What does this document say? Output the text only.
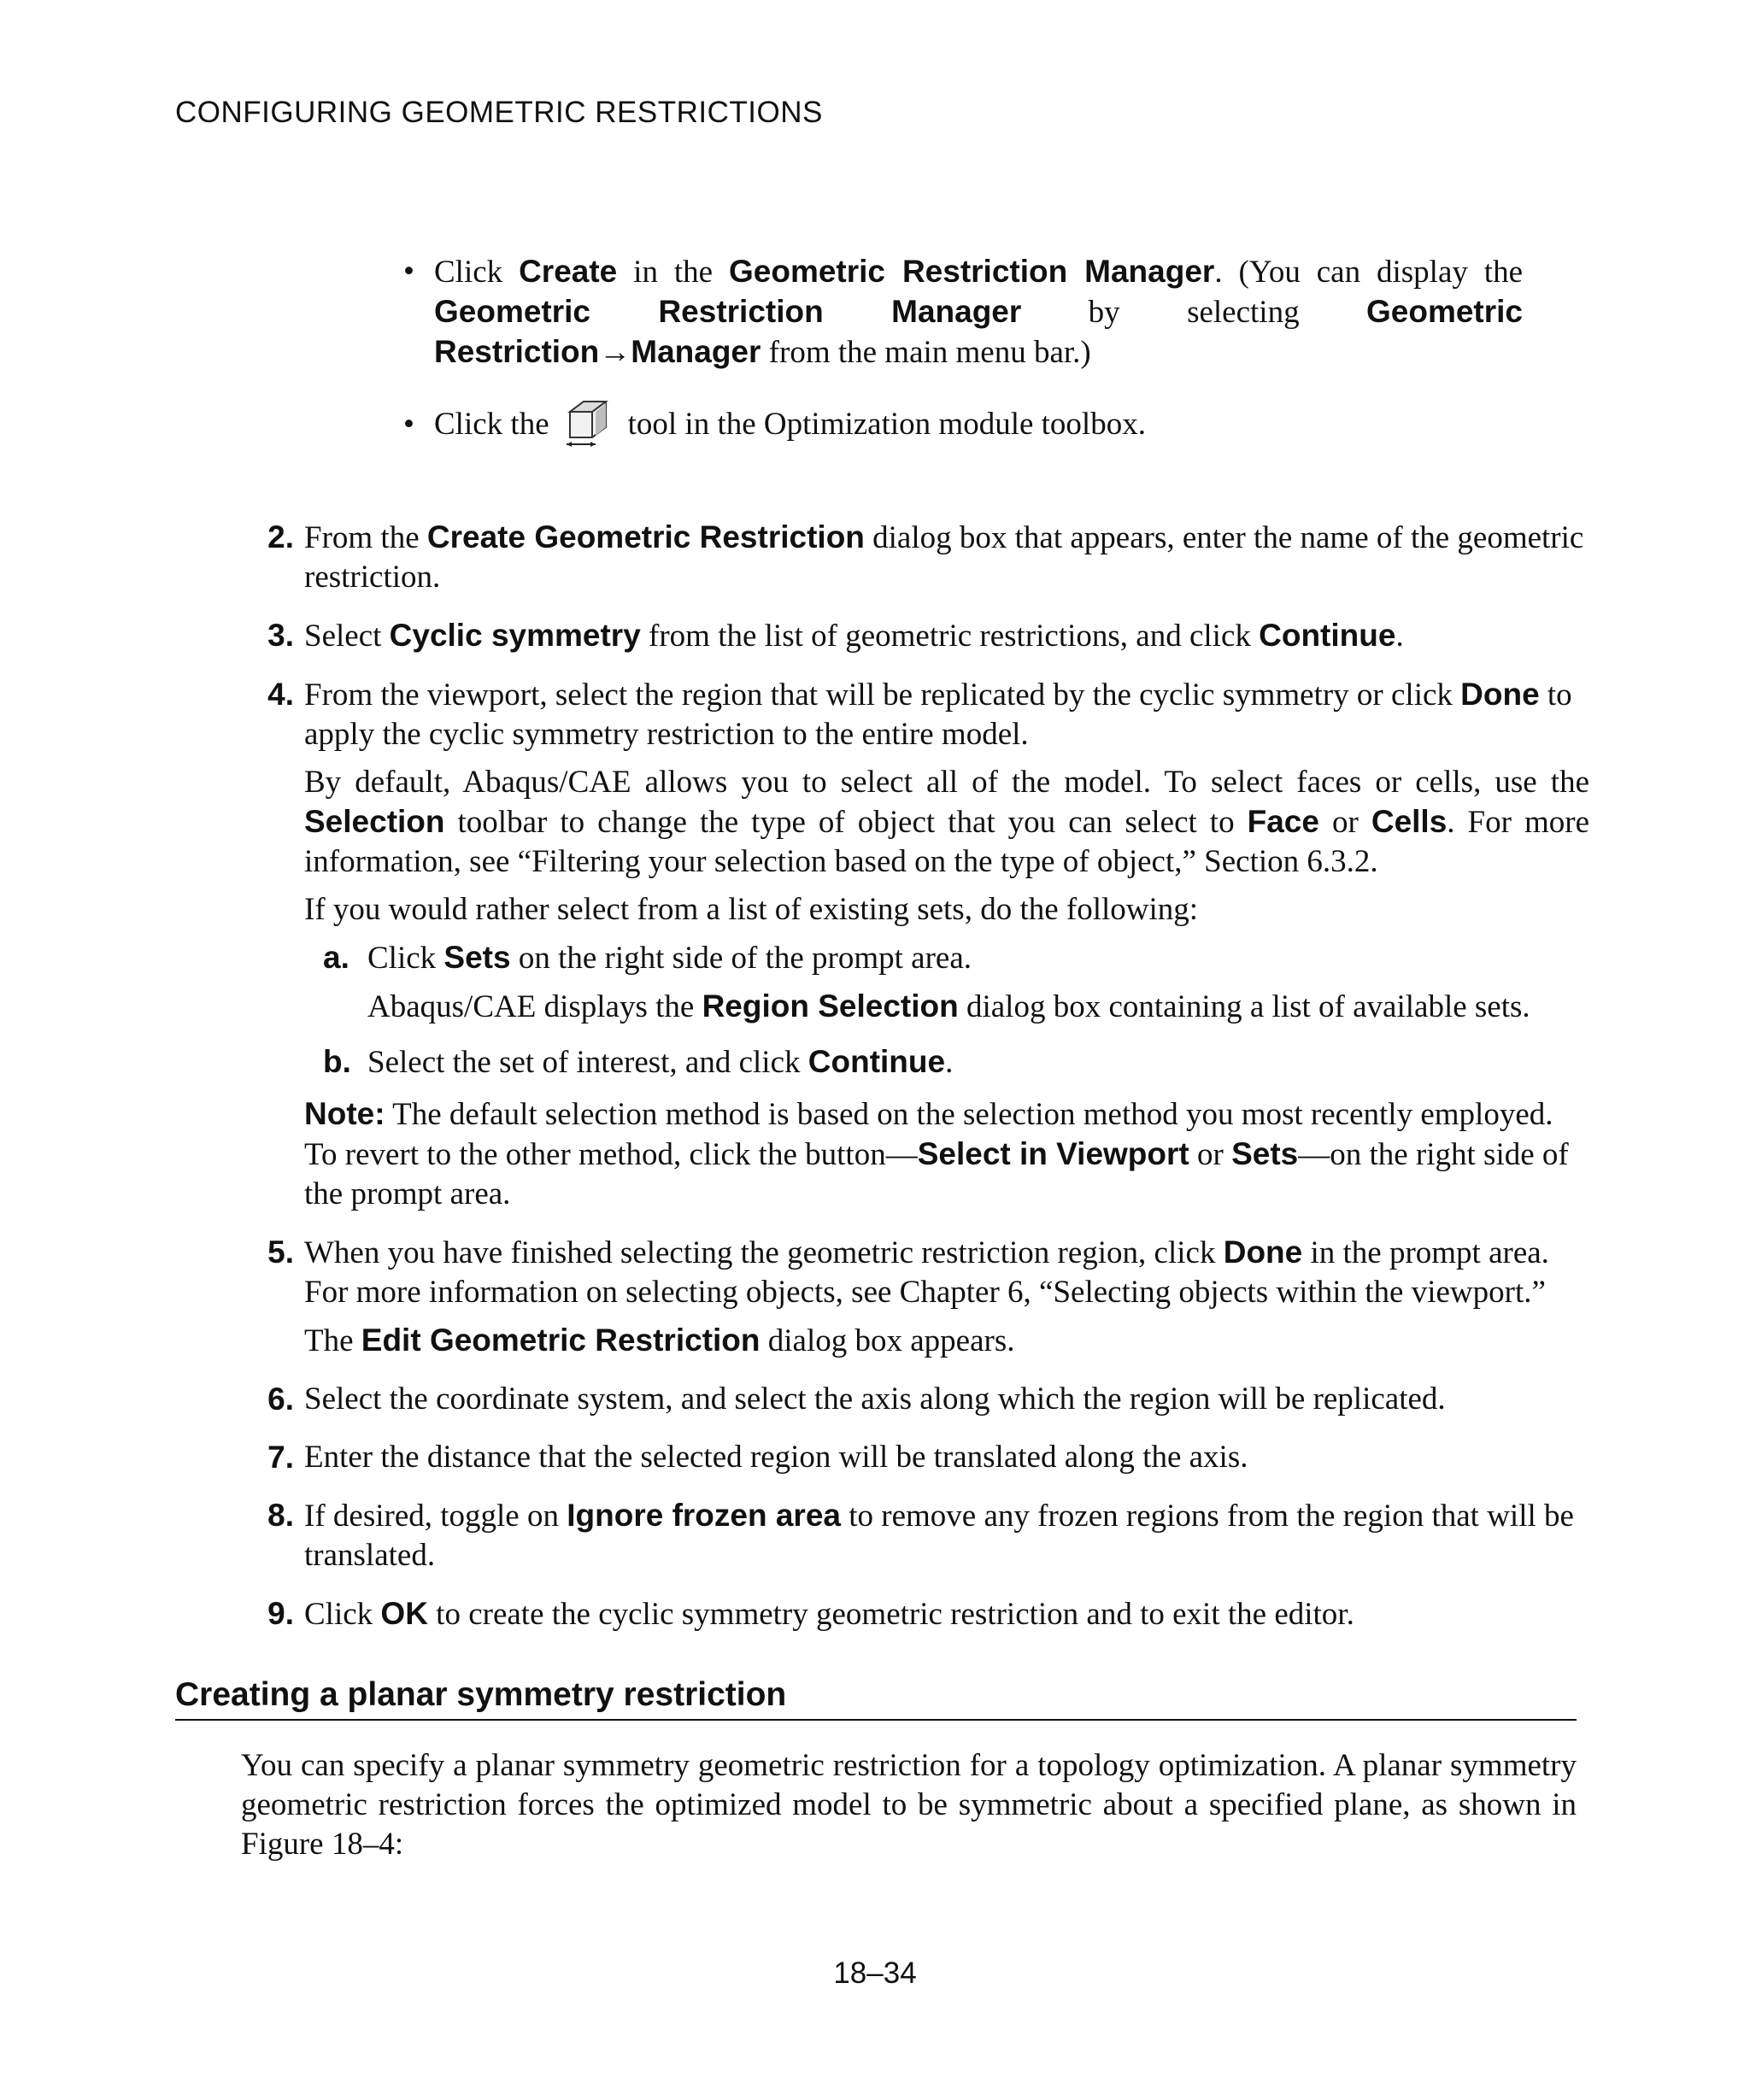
CONFIGURING GEOMETRIC RESTRICTIONS
• Click Create in the Geometric Restriction Manager. (You can display the Geometric Restriction Manager by selecting Geometric Restriction→Manager from the main menu bar.)

• Click the tool in the Optimization module toolbox.
2. From the Create Geometric Restriction dialog box that appears, enter the name of the geometric restriction.

3. Select Cyclic symmetry from the list of geometric restrictions, and click Continue.

4. From the viewport, select the region that will be replicated by the cyclic symmetry or click Done to apply the cyclic symmetry restriction to the entire model.

By default, Abaqus/CAE allows you to select all of the model. To select faces or cells, use the Selection toolbar to change the type of object that you can select to Face or Cells. For more information, see “Filtering your selection based on the type of object,” Section 6.3.2.

If you would rather select from a list of existing sets, do the following:

a. Click Sets on the right side of the prompt area.

Abaqus/CAE displays the Region Selection dialog box containing a list of available sets.

b. Select the set of interest, and click Continue.

Note: The default selection method is based on the selection method you most recently employed. To revert to the other method, click the button—Select in Viewport or Sets—on the right side of the prompt area.

5. When you have finished selecting the geometric restriction region, click Done in the prompt area. For more information on selecting objects, see Chapter 6, “Selecting objects within the viewport.”

The Edit Geometric Restriction dialog box appears.

6. Select the coordinate system, and select the axis along which the region will be replicated.

7. Enter the distance that the selected region will be translated along the axis.

8. If desired, toggle on Ignore frozen area to remove any frozen regions from the region that will be translated.

9. Click OK to create the cyclic symmetry geometric restriction and to exit the editor.

Creating a planar symmetry restriction

You can specify a planar symmetry geometric restriction for a topology optimization. A planar symmetry geometric restriction forces the optimized model to be symmetric about a specified plane, as shown in Figure 18–4:

18–34
